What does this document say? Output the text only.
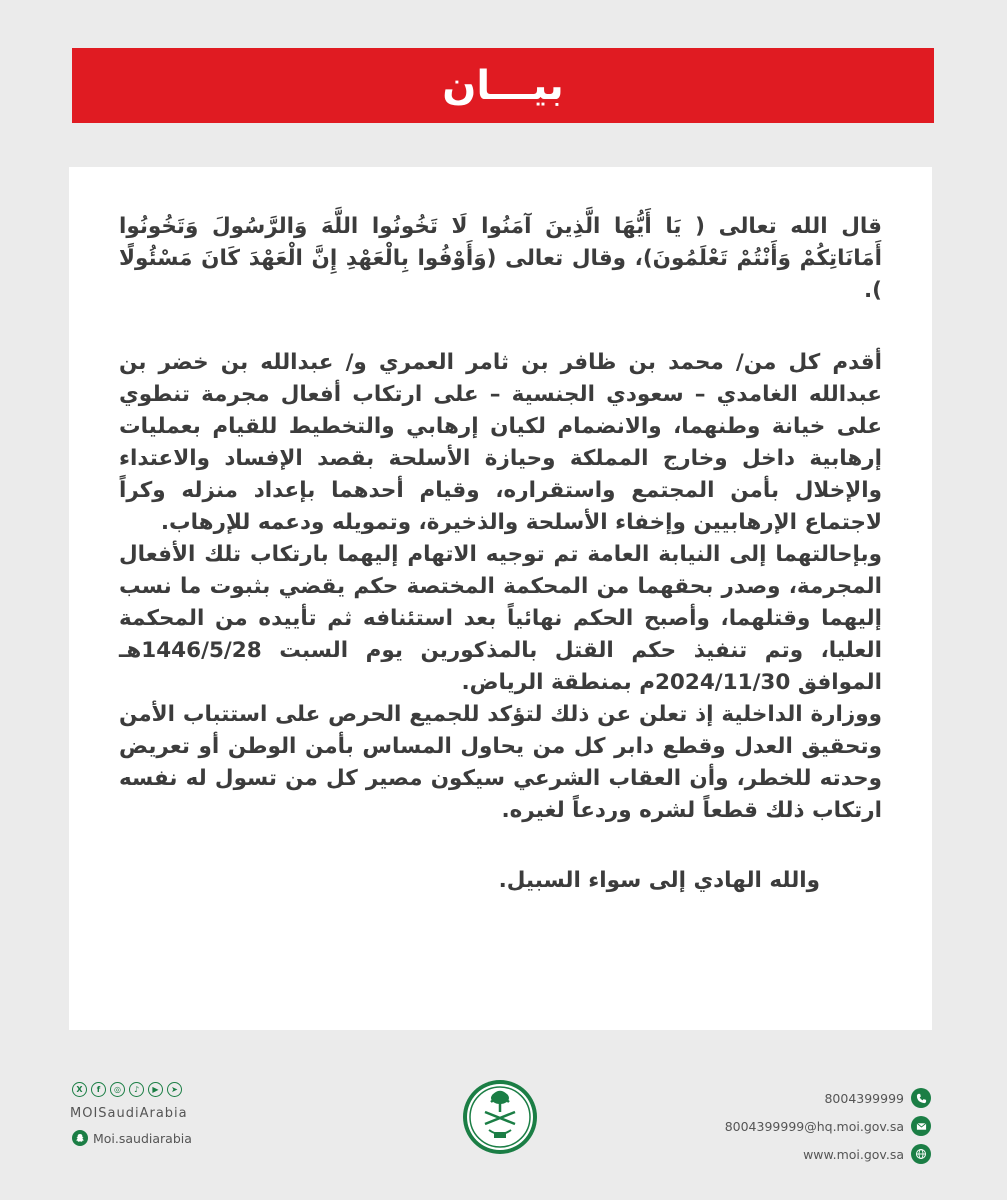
بيـــان

قال الله تعالى ( يَا أَيُّهَا الَّذِينَ آمَنُوا لَا تَخُونُوا اللَّهَ وَالرَّسُولَ وَتَخُونُوا أَمَانَاتِكُمْ وَأَنْتُمْ تَعْلَمُونَ)، وقال تعالى (وَأَوْفُوا بِالْعَهْدِ إِنَّ الْعَهْدَ كَانَ مَسْئُولًا ).

أقدم كل من/ محمد بن ظافر بن ثامر العمري و/ عبدالله بن خضر بن عبدالله الغامدي – سعودي الجنسية – على ارتكاب أفعال مجرمة تنطوي على خيانة وطنهما، والانضمام لكيان إرهابي والتخطيط للقيام بعمليات إرهابية داخل وخارج المملكة وحيازة الأسلحة بقصد الإفساد والاعتداء والإخلال بأمن المجتمع واستقراره، وقيام أحدهما بإعداد منزله وكراً لاجتماع الإرهابيين وإخفاء الأسلحة والذخيرة، وتمويله ودعمه للإرهاب.

وبإحالتهما إلى النيابة العامة تم توجيه الاتهام إليهما بارتكاب تلك الأفعال المجرمة، وصدر بحقهما من المحكمة المختصة حكم يقضي بثبوت ما نسب إليهما وقتلهما، وأصبح الحكم نهائياً بعد استئنافه ثم تأييده من المحكمة العليا، وتم تنفيذ حكم القتل بالمذكورين يوم السبت 1446/5/28هـ الموافق 2024/11/30م بمنطقة الرياض.

ووزارة الداخلية إذ تعلن عن ذلك لتؤكد للجميع الحرص على استتباب الأمن وتحقيق العدل وقطع دابر كل من يحاول المساس بأمن الوطن أو تعريض وحدته للخطر، وأن العقاب الشرعي سيكون مصير كل من تسول له نفسه ارتكاب ذلك قطعاً لشره وردعاً لغيره.

والله الهادي إلى سواء السبيل.

X	f	◎	♪	▶	➤
MOISaudiArabia
Moi.saudiarabia
8004399999
8004399999@hq.moi.gov.sa
www.moi.gov.sa
